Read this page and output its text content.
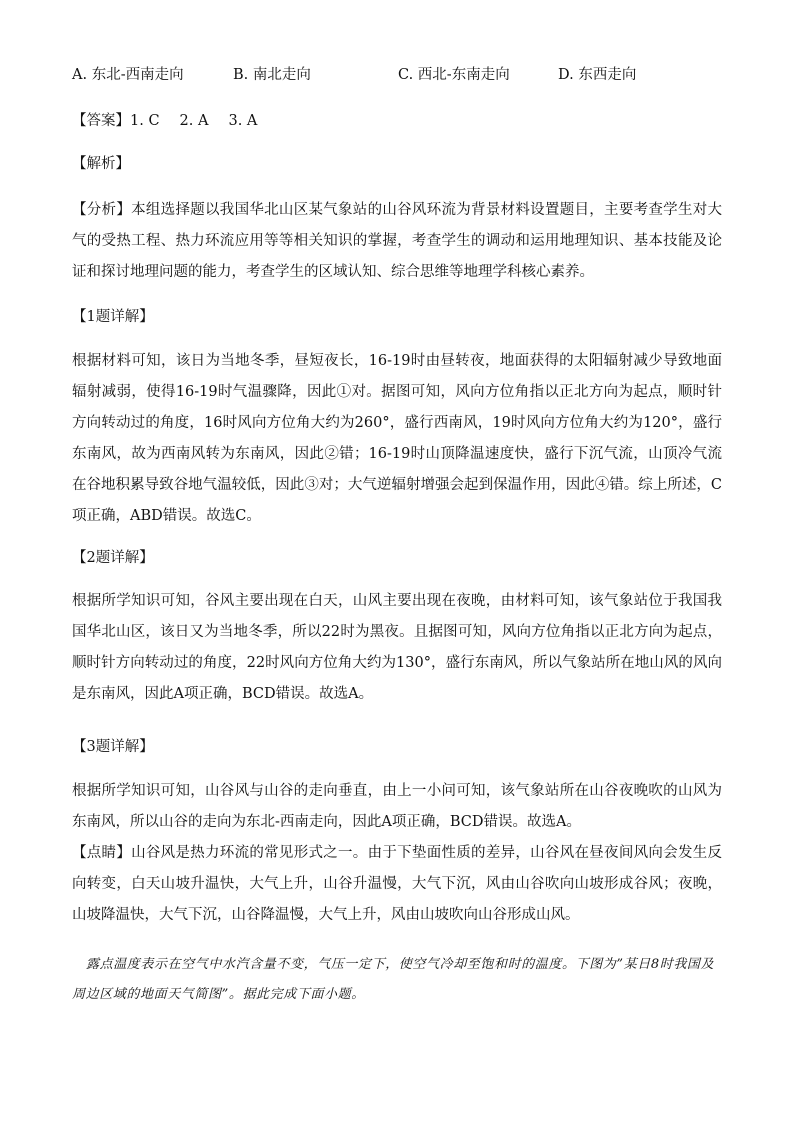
A. 东北-西南走向	B. 南北走向	C. 西北-东南走向	D. 东西走向
【答案】1. C 2. A 3. A
【解析】
【分析】本组选择题以我国华北山区某气象站的山谷风环流为背景材料设置题目，主要考查学生对大气的受热工程、热力环流应用等等相关知识的掌握，考查学生的调动和运用地理知识、基本技能及论证和探讨地理问题的能力，考查学生的区域认知、综合思维等地理学科核心素养。
【1题详解】
根据材料可知，该日为当地冬季，昼短夜长，16-19时由昼转夜，地面获得的太阳辐射减少导致地面辐射减弱，使得16-19时气温骤降，因此①对。据图可知，风向方位角指以正北方向为起点，顺时针方向转动过的角度，16时风向方位角大约为260°，盛行西南风，19时风向方位角大约为120°，盛行东南风，故为西南风转为东南风，因此②错；16-19时山顶降温速度快，盛行下沉气流，山顶冷气流在谷地积累导致谷地气温较低，因此③对；大气逆辐射增强会起到保温作用，因此④错。综上所述，C项正确，ABD错误。故选C。
【2题详解】
根据所学知识可知，谷风主要出现在白天，山风主要出现在夜晚，由材料可知，该气象站位于我国我国华北山区，该日又为当地冬季，所以22时为黑夜。且据图可知，风向方位角指以正北方向为起点，顺时针方向转动过的角度，22时风向方位角大约为130°，盛行东南风，所以气象站所在地山风的风向是东南风，因此A项正确，BCD错误。故选A。
【3题详解】
根据所学知识可知，山谷风与山谷的走向垂直，由上一小问可知，该气象站所在山谷夜晚吹的山风为东南风，所以山谷的走向为东北-西南走向，因此A项正确，BCD错误。故选A。
【点睛】山谷风是热力环流的常见形式之一。由于下垫面性质的差异，山谷风在昼夜间风向会发生反向转变，白天山坡升温快，大气上升，山谷升温慢，大气下沉，风由山谷吹向山坡形成谷风；夜晚，山坡降温快，大气下沉，山谷降温慢，大气上升，风由山坡吹向山谷形成山风。
露点温度表示在空气中水汽含量不变，气压一定下，使空气冷却至饱和时的温度。下图为”某日8时我国及周边区域的地面天气简图”。据此完成下面小题。
